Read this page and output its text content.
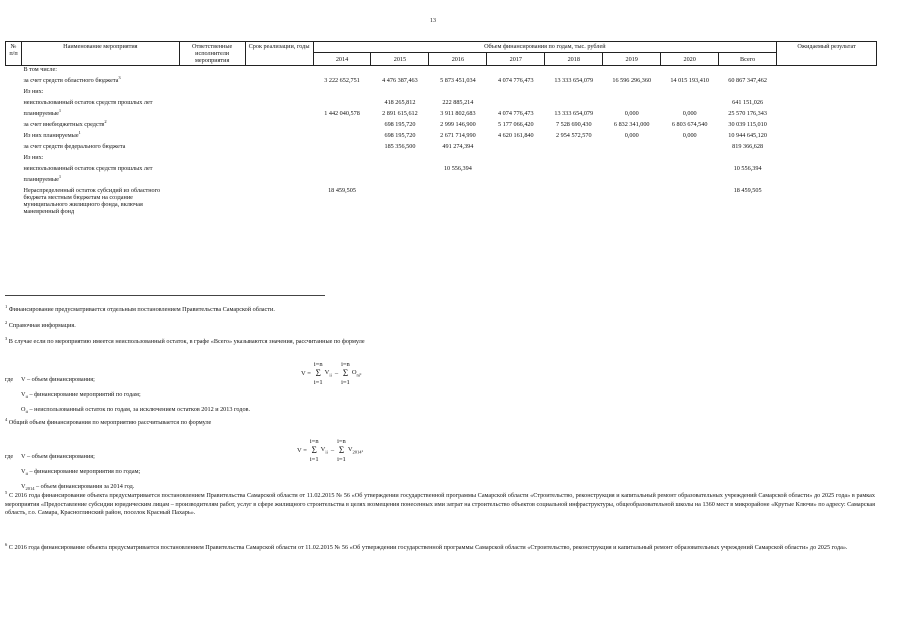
13
№ п/п	Наименование мероприятия	Ответственные исполнители мероприятия	Срок реализации, годы	Объем финансирования по годам, тыс. рублей								Ожидаемый результат
				2014	2015	2016	2017	2018	2019	2020	Всего	
	В том числе:											
	за счет средств областного бюджета$^3$			3 222 652,751	4 476 387,463	5 873 451,034	4 074 776,473	13 333 654,079	16 596 296,360	14 015 193,410	60 867 347,462	
	Из них:											
	неиспользованный остаток средств прошлых лет				418 265,812	222 885,214					641 151,026	
	планируемые$^1$			1 442 040,578	2 891 615,612	3 911 802,683	4 074 776,473	13 333 654,079	0,000	0,000	25 570 176,343	
	за счет внебюджетных средств$^2$				698 195,720	2 999 146,900	5 177 066,420	7 528 690,430	6 832 341,000	6 803 674,540	30 039 115,010	
	Из них планируемые$^1$				698 195,720	2 671 714,990	4 620 161,840	2 954 572,570	0,000	0,000	10 944 645,120	
	за счет средств федерального бюджета				185 356,500	491 274,394					819 366,628	
	Из них:											
	неиспользованный остаток средств прошлых лет					10 556,394					10 556,394	
	планируемые$^1$											
	Нераспределенный остаток субсидий из областного бюджета местным бюджетам на создание муниципального жилищного фонда, включая маневренный фонд			18 459,505							18 459,505	
$^1$ Финансирование предусматривается отдельным постановлением Правительства Самарской области.
$^2$ Справочная информация.
$^3$ В случае если по мероприятию имеется неиспользованный остаток, в графе «Всего» указываются значения, рассчитанные по формуле
V =	i=n	$V_{ii}$	–	i=n	$O_{ni}$,
	Σ			Σ	
	i=1			i=1	
где V – объем финансирования;
$V_{ii}$ – финансирование мероприятий по годам;
$O_{ii}$ – неиспользованный остаток по годам, за исключением остатков 2012 и 2013 годов.
$^4$ Общий объем финансирования по мероприятию рассчитывается по формуле
V =	i=n	$V_{ii}$	–	i=n	$V_{2014}$,
	Σ			Σ	
	i=1			i=1	
где V – объем финансирования;
$V_{ii}$ – финансирование мероприятия по годам;
$V_{2014}$ – объем финансирования за 2014 год.
$^5$ С 2016 года финансирование объекта предусматривается постановлением Правительства Самарской области от 11.02.2015 № 56 «Об утверждении государственной программы Самарской области «Строительство, реконструкция и капитальный ремонт образовательных учреждений Самарской области» до 2025 года» в рамках мероприятия «Предоставление субсидии юридическим лицам – производителям работ, услуг в сфере жилищного строительства в целях возмещения понесенных ими затрат на строительство объектов социальной инфраструктуры, общеобразовательной школы на 1360 мест в микрорайоне «Крутые Ключи» по адресу: Самарская область, г.о. Самара, Красноглинский район, поселок Красный Пахарь».
$^6$ С 2016 года финансирование объекта предусматривается постановлением Правительства Самарской области от 11.02.2015 № 56 «Об утверждении государственной программы Самарской области «Строительство, реконструкция и капитальный ремонт образовательных учреждений Самарской области» до 2025 года».
